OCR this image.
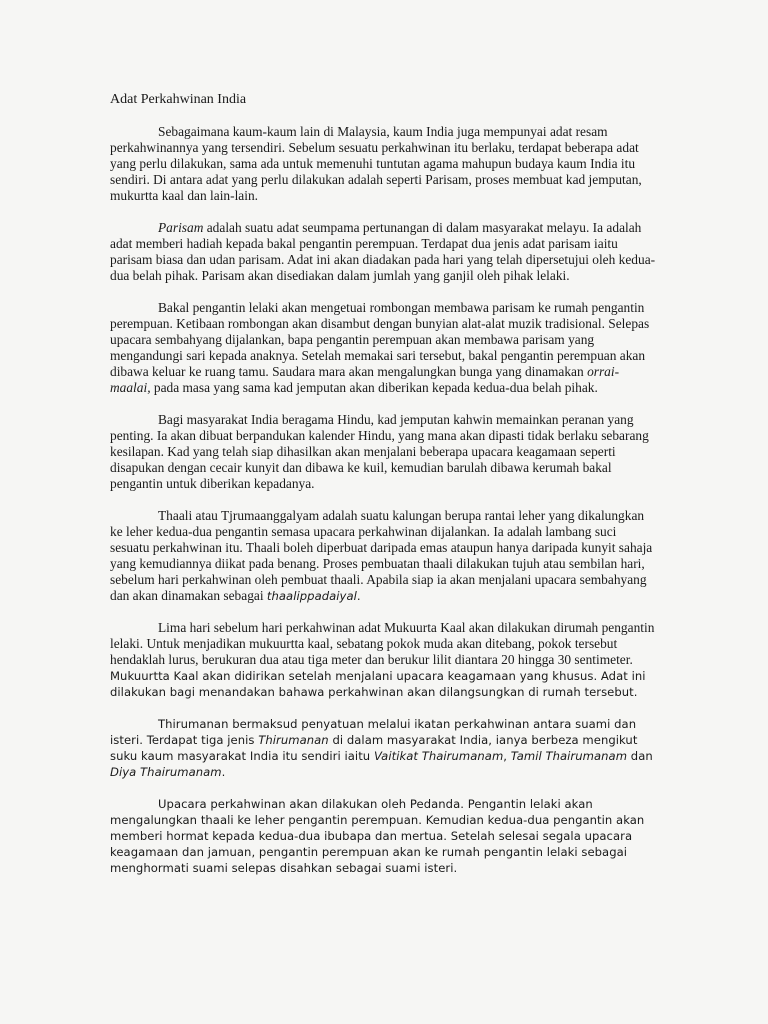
Adat Perkahwinan India

Sebagaimana kaum-kaum lain di Malaysia, kaum India juga mempunyai adat resam perkahwinannya yang tersendiri. Sebelum sesuatu perkahwinan itu berlaku, terdapat beberapa adat yang perlu dilakukan, sama ada untuk memenuhi tuntutan agama mahupun budaya kaum India itu sendiri. Di antara adat yang perlu dilakukan adalah seperti Parisam, proses membuat kad jemputan, mukurtta kaal dan lain-lain.

Parisam adalah suatu adat seumpama pertunangan di dalam masyarakat melayu. Ia adalah adat memberi hadiah kepada bakal pengantin perempuan. Terdapat dua jenis adat parisam iaitu parisam biasa dan udan parisam. Adat ini akan diadakan pada hari yang telah dipersetujui oleh kedua-dua belah pihak. Parisam akan disediakan dalam jumlah yang ganjil oleh pihak lelaki.

Bakal pengantin lelaki akan mengetuai rombongan membawa parisam ke rumah pengantin perempuan. Ketibaan rombongan akan disambut dengan bunyian alat-alat muzik tradisional. Selepas upacara sembahyang dijalankan, bapa pengantin perempuan akan membawa parisam yang mengandungi sari kepada anaknya. Setelah memakai sari tersebut, bakal pengantin perempuan akan dibawa keluar ke ruang tamu. Saudara mara akan mengalungkan bunga yang dinamakan orrai-maalai, pada masa yang sama kad jemputan akan diberikan kepada kedua-dua belah pihak.

Bagi masyarakat India beragama Hindu, kad jemputan kahwin memainkan peranan yang penting. Ia akan dibuat berpandukan kalender Hindu, yang mana akan dipasti tidak berlaku sebarang kesilapan. Kad yang telah siap dihasilkan akan menjalani beberapa upacara keagamaan seperti disapukan dengan cecair kunyit dan dibawa ke kuil, kemudian barulah dibawa kerumah bakal pengantin untuk diberikan kepadanya.

Thaali atau Tjrumaanggalyam adalah suatu kalungan berupa rantai leher yang dikalungkan ke leher kedua-dua pengantin semasa upacara perkahwinan dijalankan. Ia adalah lambang suci sesuatu perkahwinan itu. Thaali boleh diperbuat daripada emas ataupun hanya daripada kunyit sahaja yang kemudiannya diikat pada benang. Proses pembuatan thaali dilakukan tujuh atau sembilan hari, sebelum hari perkahwinan oleh pembuat thaali. Apabila siap ia akan menjalani upacara sembahyang dan akan dinamakan sebagai thaalippadaiyal.

Lima hari sebelum hari perkahwinan adat Mukuurta Kaal akan dilakukan dirumah pengantin lelaki. Untuk menjadikan mukuurtta kaal, sebatang pokok muda akan ditebang, pokok tersebut hendaklah lurus, berukuran dua atau tiga meter dan berukur lilit diantara 20 hingga 30 sentimeter. Mukuurtta Kaal akan didirikan setelah menjalani upacara keagamaan yang khusus. Adat ini dilakukan bagi menandakan bahawa perkahwinan akan dilangsungkan di rumah tersebut.

Thirumanan bermaksud penyatuan melalui ikatan perkahwinan antara suami dan isteri. Terdapat tiga jenis Thirumanan di dalam masyarakat India, ianya berbeza mengikut suku kaum masyarakat India itu sendiri iaitu Vaitikat Thairumanam, Tamil Thairumanam dan Diya Thairumanam.

Upacara perkahwinan akan dilakukan oleh Pedanda. Pengantin lelaki akan mengalungkan thaali ke leher pengantin perempuan. Kemudian kedua-dua pengantin akan memberi hormat kepada kedua-dua ibubapa dan mertua. Setelah selesai segala upacara keagamaan dan jamuan, pengantin perempuan akan ke rumah pengantin lelaki sebagai menghormati suami selepas disahkan sebagai suami isteri.
